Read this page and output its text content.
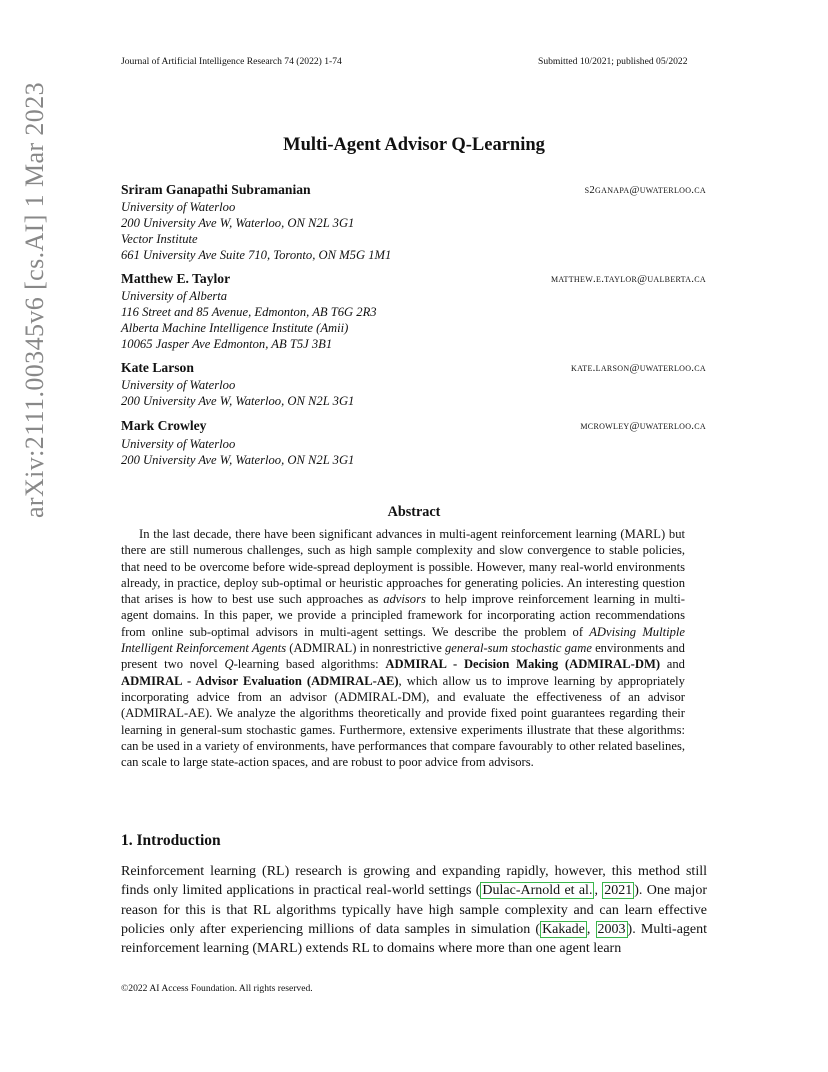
Journal of Artificial Intelligence Research 74 (2022) 1-74	Submitted 10/2021; published 05/2022
arXiv:2111.00345v6 [cs.AI] 1 Mar 2023	Multi-Agent Advisor Q-Learning
Sriram Ganapathi Subramanian	s2ganapa@uwaterloo.ca
University of Waterloo
200 University Ave W, Waterloo, ON N2L 3G1
Vector Institute
661 University Ave Suite 710, Toronto, ON M5G 1M1
Matthew E. Taylor	matthew.e.taylor@ualberta.ca
University of Alberta
116 Street and 85 Avenue, Edmonton, AB T6G 2R3
Alberta Machine Intelligence Institute (Amii)
10065 Jasper Ave Edmonton, AB T5J 3B1
Kate Larson	kate.larson@uwaterloo.ca
University of Waterloo
200 University Ave W, Waterloo, ON N2L 3G1
Mark Crowley	mcrowley@uwaterloo.ca
University of Waterloo
200 University Ave W, Waterloo, ON N2L 3G1
Abstract

In the last decade, there have been significant advances in multi-agent reinforcement learning (MARL) but there are still numerous challenges, such as high sample complexity and slow convergence to stable policies, that need to be overcome before wide-spread deployment is possible. However, many real-world environments already, in practice, deploy sub-optimal or heuristic approaches for generating policies. An interesting question that arises is how to best use such approaches as advisors to help improve reinforcement learning in multi-agent domains. In this paper, we provide a principled framework for incorporating action recommendations from online sub-optimal advisors in multi-agent settings. We describe the problem of ADvising Multiple Intelligent Reinforcement Agents (ADMIRAL) in nonrestrictive general-sum stochastic game environments and present two novel Q-learning based algorithms: ADMIRAL - Decision Making (ADMIRAL-DM) and ADMIRAL - Advisor Evaluation (ADMIRAL-AE), which allow us to improve learning by appropriately incorporating advice from an advisor (ADMIRAL-DM), and evaluate the effectiveness of an advisor (ADMIRAL-AE). We analyze the algorithms theoretically and provide fixed point guarantees regarding their learning in general-sum stochastic games. Furthermore, extensive experiments illustrate that these algorithms: can be used in a variety of environments, have performances that compare favourably to other related baselines, can scale to large state-action spaces, and are robust to poor advice from advisors.

1. Introduction

Reinforcement learning (RL) research is growing and expanding rapidly, however, this method still finds only limited applications in practical real-world settings ( Dulac-Arnold et al. , 2021 ). One major reason for this is that RL algorithms typically have high sample complexity and can learn effective policies only after experiencing millions of data samples in simulation ( Kakade , 2003 ). Multi-agent reinforcement learning (MARL) extends RL to domains where more than one agent learn

©2022 AI Access Foundation. All rights reserved.
